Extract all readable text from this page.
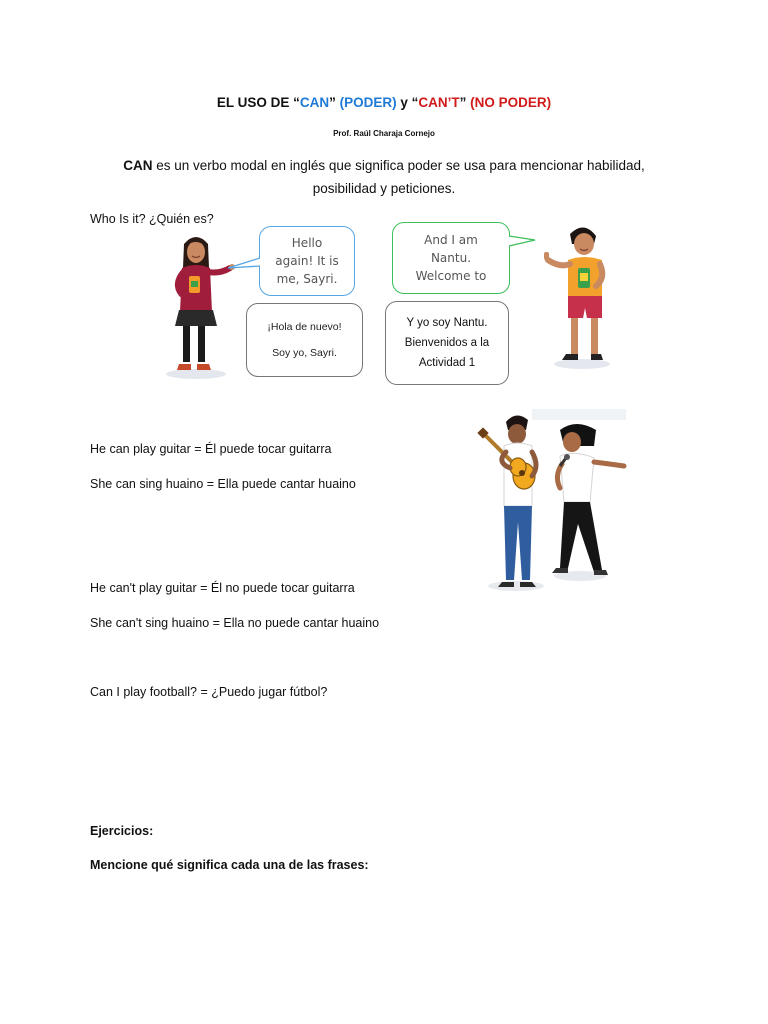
EL USO DE “CAN” (PODER) y “CAN’T” (NO PODER)
Prof. Raúl Charaja Cornejo
CAN es un verbo modal en inglés que significa poder se usa para mencionar habilidad, posibilidad y peticiones.
Who Is it? ¿Quién es?
Hello
again! It is
me, Sayri.
And I am
Nantu.
Welcome to
¡Hola de nuevo!
Soy yo, Sayri.
Y yo soy Nantu.
Bienvenidos a la
Actividad 1
He can play guitar = Él puede tocar guitarra
She can sing huaino = Ella puede cantar huaino
He can't play guitar = Él no puede tocar guitarra
She can't sing huaino = Ella no puede cantar huaino
Can I play football? = ¿Puedo jugar fútbol?
Ejercicios:
Mencione qué significa cada una de las frases:
